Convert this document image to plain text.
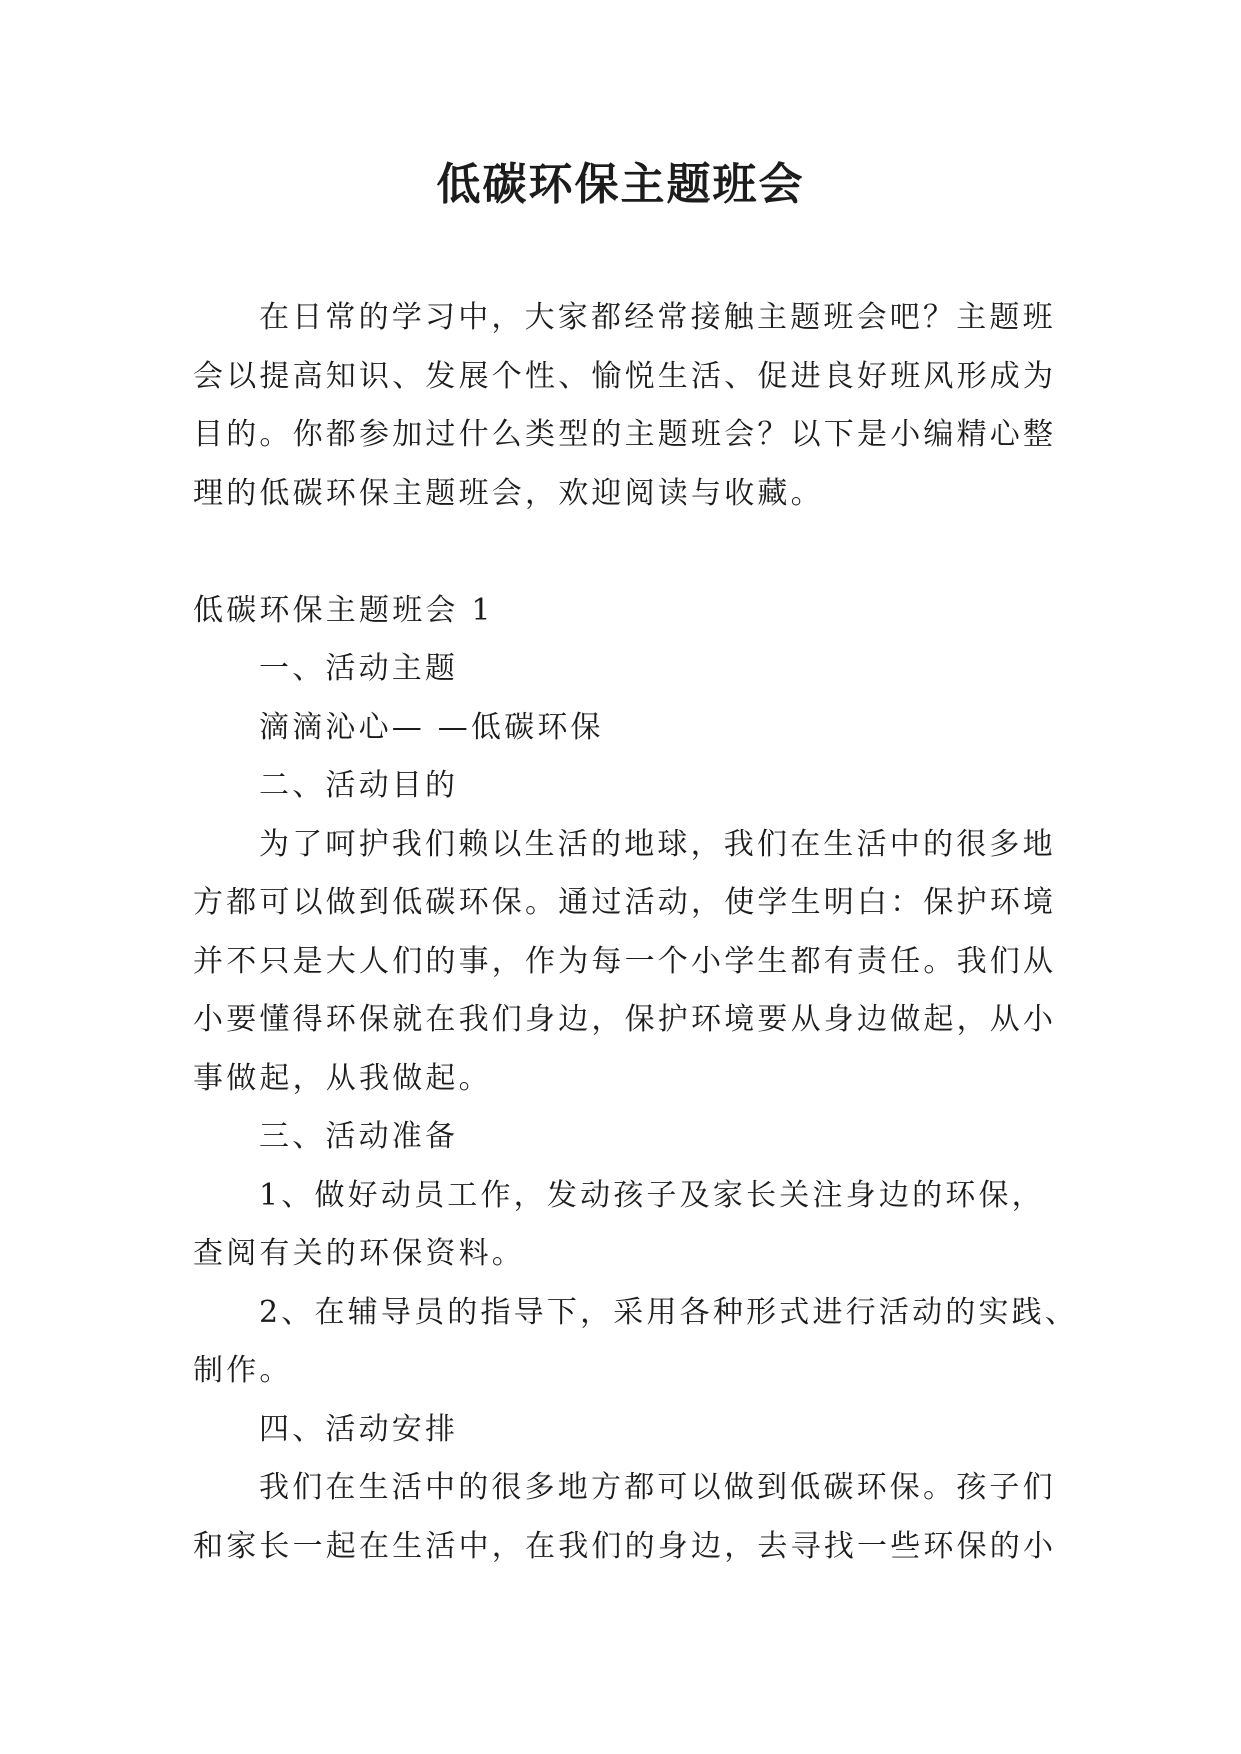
低碳环保主题班会
在日常的学习中，大家都经常接触主题班会吧？主题班
会以提高知识、发展个性、愉悦生活、促进良好班风形成为
目的。你都参加过什么类型的主题班会？以下是小编精心整
理的低碳环保主题班会，欢迎阅读与收藏。
低碳环保主题班会 1
一、活动主题
滴滴沁心— —低碳环保
二、活动目的
为了呵护我们赖以生活的地球，我们在生活中的很多地
方都可以做到低碳环保。通过活动，使学生明白：保护环境
并不只是大人们的事，作为每一个小学生都有责任。我们从
小要懂得环保就在我们身边，保护环境要从身边做起，从小
事做起，从我做起。
三、活动准备
1、做好动员工作，发动孩子及家长关注身边的环保，
查阅有关的环保资料。
2、在辅导员的指导下，采用各种形式进行活动的实践、
制作。
四、活动安排
我们在生活中的很多地方都可以做到低碳环保。孩子们
和家长一起在生活中，在我们的身边，去寻找一些环保的小
